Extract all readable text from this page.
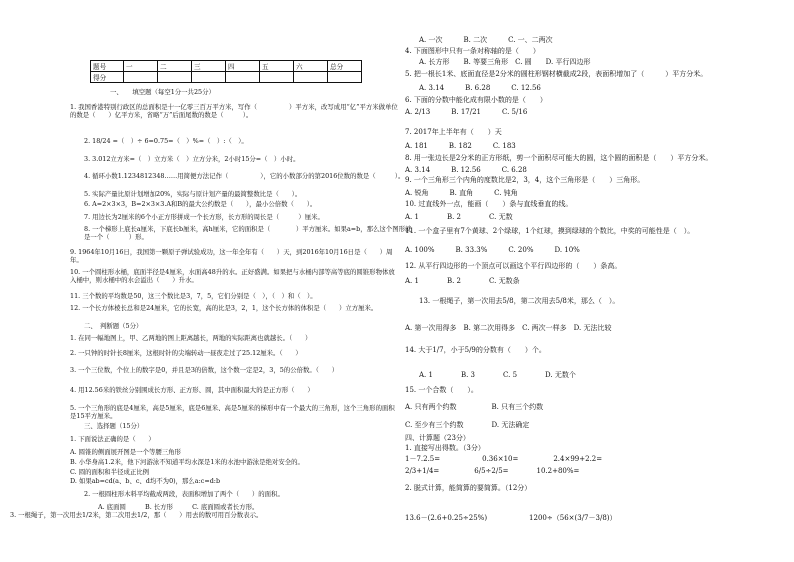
题号	一	二	三	四	五	六	总分
得分							
一、　　填空题（每空1分一共25分）
1. 我国香港特别行政区的总面积是十一亿零三百万平方米，写作（　　　　　）平方米，改写成用“亿”平方米做单位的数是（　　）亿平方米，省略“万”后面尾数的数是（　　　）。
2. 18/24 =（　）÷ 6=0.75=（　）%=（　）:（　）。
3. 3.012立方米=（　）立方米（　）立方分米，2小时15分=（　）小时。
4. 循环小数1.1234812348……用简便方法记作（　　　　　），它的小数部分的第2016位数的数是（　　　）。
5. 实际产量比原计划增加20%，实际与原计划产量的最简整数比是（　　）。
6. A=2×3×3，B=2×3×3.A和B的最大公约数是（　　），最小公倍数（　　）。
7. 用边长为2厘米的6个小正方形拼成一个长方形，长方形的周长是（　　　）厘米。
8. 一个梯形上底长a厘米，下底长b厘米，高h厘米，它的面积是（　　　　）平方厘米。如果a=b，那么这个图形就是一个（　　　）形。
9. 1964年10月16日，我国第一颗原子弹试验成功，这一年全年有（　　）天，到2016年10月16日是（　　）周年。
10. 一个圆柱形水桶，底面半径是4厘米，水面高48升的水。正好盛满。如果把与水桶内部等高等底的圆锥形物体放入桶中，则水桶中的水会溢出（　　）升水。
11. 三个数的平均数是50，这三个数比是3，7，5，它们分别是（　），（　）和（　）。
12. 一个长方体棱长总和是24厘米，它的长宽，高的比是3，2，1，这个长方体的体积是（　　）立方厘米。
二、　判断题（5分）
1. 在同一幅地图上，甲、乙两地的图上距离越长，两地的实际距离也就越长。（　　）
2. 一只钟的时针长8厘米，这根时针的尖端转动一昼夜走过了25.12厘米。（　　）
3. 一个三位数，个位上的数字是0，并且是3的倍数，这个数一定是2，3，5的公倍数。（　　）
4. 用12.56米的铁丝分别围成长方形、正方形、圆，其中面积最大的是正方形（　　）
5. 一个三角形的底是4厘米，高是5厘米，底是6厘米、高是5厘米的梯形中有一个最大的三角形，这个三角形的面积是15平方厘米。
三、选择题（15分）
1. 下面说法正确的是（　　）
A. 圆锥的侧面展开图是一个等腰三角形
B. 小华身高1.2米，他下河游泳不知道平均水深是1米的水池中游泳是绝对安全的。
C. 圆的面积和半径成正比例
D. 如果ab=cd(a、b、c、d均不为0)，那么a:c=d:b
2. 一根圆柱形木料平均截成两段，表面积增加了两个（　　）的面积。
A. 底面圆　　　B. 长方形　　　C. 底面圆或者长方形。
3. 一根绳子，第一次用去1/2米，第二次用去1/2，那（　　）用去的数可用百分数表示。
A. 一次　　　B. 二次　　　C. 一、二两次
4. 下面图形中只有一条对称轴的是（　　）
A. 长方形　　B. 等要三角形　C. 圆　　D. 平行四边形
5. 把一根长1米、底面直径是2分米的圆柱形钢材横截成2段，表面积增加了（　　　）平方分米。
A. 3.14　　　B. 6.28　　　C. 12.56
6. 下面的分数中能化成有限小数的是（　　）
A. 2/13　　　B. 17/21　　　C. 5/16
7. 2017年上半年有（　　）天
A. 181　　　B. 182　　　C. 183
8. 用一张边长是2分米的正方形纸，剪一个面积尽可能大的圆，这个圆的面积是（　　）平方分米。
A. 3.14　　　B. 12.56　　　C. 6.28
9. 一个三角形三个内角的度数比是2，3，4，这个三角形是（　　）三角形。
A. 锐角　　　B. 直角　　　C. 钝角
10. 过直线外一点，能画（　　）条与直线垂直的线。
A. 1　　　　B. 2　　　　C. 无数
11. 一个盒子里有7个黄球、2个绿球，1个红球，摸到绿球的个数比，中奖的可能性是（　）。
A. 100%　　　B. 33.3%　　　C. 20%　　　D. 10%
12. 从平行四边形的一个顶点可以画这个平行四边形的（　　）条高。
A. 1　　　　B. 2　　　　C. 无数条
13. 一根绳子，第一次用去5/8，第二次用去5/8米，那么（　）。
A. 第一次用得多　B. 第二次用得多　C. 两次一样多　D. 无法比较
14. 大于1/7，小于5/9的分数有（　　）个。
A. 1　　　　B. 3　　　　C. 5　　　　D. 无数个
15. 一个合数（　　）。
A. 只有两个约数　　　　　B. 只有三个约数
C. 至少有三个约数　　　　D. 无法确定
四、计算题（23分）
1. 直接写出得数。（3分）
1－7.2.5=　　　　　　0.36×10=　　　　　2.4×99+2.2=
2/3+1/4=　　　　　6/5÷2/5=　　　　10.2+80%=
2. 脱式计算，能简算的要简算。（12分）
13.6－(2.6+0.25÷25%)　　　　　　1200÷（56×(3/7－3/8)）
